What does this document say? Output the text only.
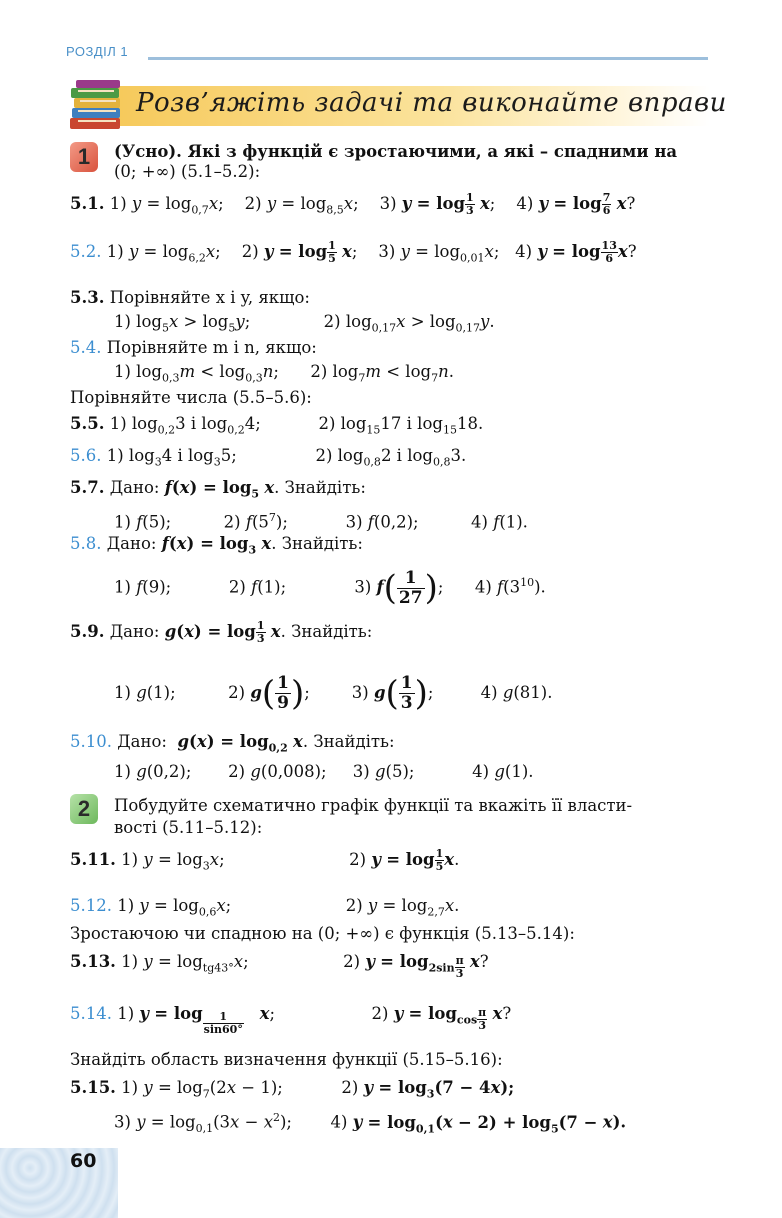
РОЗДІЛ 1
Розв’яжіть задачі та виконайте вправи
1	(Усно). Які з функцій є зростаючими, а які – спадними на
(0; +∞) (5.1–5.2):
5.1. 1) $y = \log_{0,7}x$;    2) $y = \log_{8,5}x$;    3) $y = \log \frac{1}{3} x$;    4) $y = \log \frac{7}{6} x$?
5.2. 1) $y = \log_{6,2}x$;    2) $y = \log \frac{1}{5} x$;    3) $y = \log_{0,01}x$;   4) $y = \log \frac{13}{6} x$?
5.3. Порівняйте x і y, якщо:
1) $\log_5x > \log_5y$;              2) $\log_{0,17}x > \log_{0,17}y$.
5.4. Порівняйте m і n, якщо:
1) $\log_{0,3}m < \log_{0,3}n$;      2) $\log_7m < \log_7n$.
Порівняйте числа (5.5–5.6):
5.5. 1) $\log_{0,2}3$ і $\log_{0,2}4$;           2) $\log_{15}17$ і $\log_{15}18$.
5.6. 1) $\log_34$ і $\log_35$;               2) $\log_{0,8}2$ і $\log_{0,8}3$.
5.7. Дано: $f(x) = \log_5 x$. Знайдіть:
1) f(5);          2) $f(5^7)$;           3) f(0,2);          4) f(1).
5.8. Дано: $f(x) = \log_3 x$. Знайдіть:
1) f(9);           2) f(1);             3) $f( \frac{1}{27}$ );      4) $f(3^{10})$.
5.9. Дано: $g(x) = \log \frac{1}{3} x$. Знайдіть:
1) g(1);          2) $g( \frac{1}{9}$ );        3) $g( \frac{1}{3}$ );         4) g(81).
5.10. Дано: $g(x) = \log_{0,2} x$. Знайдіть:
1) g(0,2);       2) g(0,008);     3) g(5);           4) g(1).
2	Побудуйте схематично графік функції та вкажіть її власти-
вості (5.11–5.12):
5.11. 1) $y = \log_3x$;	2) $y = \log \frac{1}{5} x$.
5.12. 1) $y = \log_{0,6}x$;	2) $y = \log_{2,7}x$.
Зростаючою чи спадною на (0; +∞) є функція (5.13–5.14):
5.13. 1) $y = \log_{tg43^\circ}x$;	2) $y = \log_{2sin} \frac{\pi}{3} x$?
5.14. 1) $y = \log \frac{1}{\sin 60^\circ} x$;	2) $y = \log_{cos} \frac{\pi}{3} x$?
Знайдіть область визначення функції (5.15–5.16):
5.15. 1) $y = \log_7(2x - 1)$;	2) $y = \log_3(7 - 4x)$;
3) $y = \log_{0,1}(3x - x^2)$;  4) $y = \log_{0,1}(x - 2) + \log_5(7 - x)$.
60
